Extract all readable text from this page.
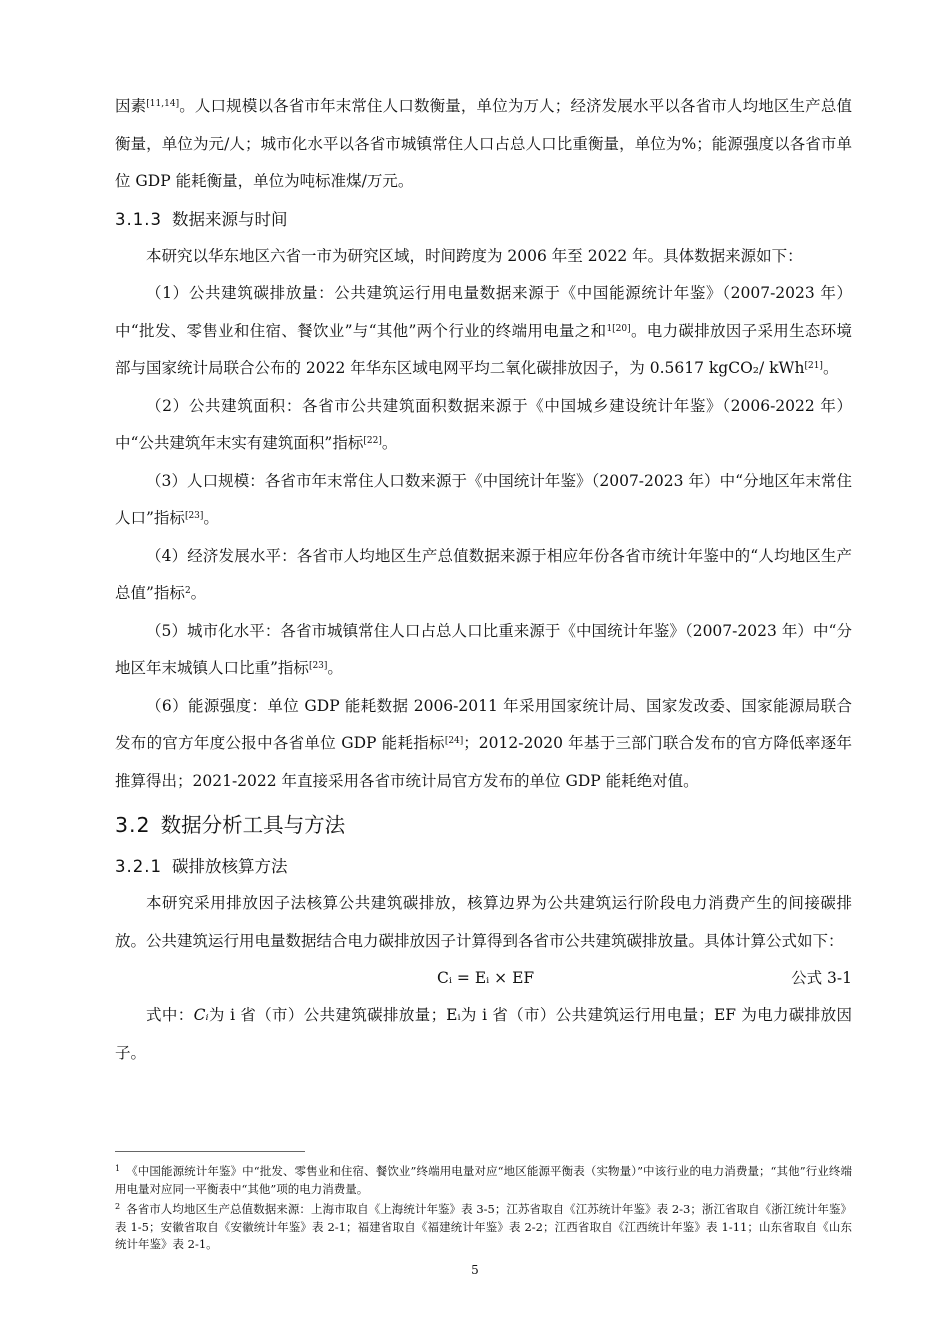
因素[11,14]。人口规模以各省市年末常住人口数衡量，单位为万人；经济发展水平以各省市人均地区生产总值衡量，单位为元/人；城市化水平以各省市城镇常住人口占总人口比重衡量，单位为%；能源强度以各省市单位 GDP 能耗衡量，单位为吨标准煤/万元。

3.1.3 数据来源与时间

本研究以华东地区六省一市为研究区域，时间跨度为 2006 年至 2022 年。具体数据来源如下：

（1）公共建筑碳排放量：公共建筑运行用电量数据来源于《中国能源统计年鉴》（2007-2023 年）中“批发、零售业和住宿、餐饮业”与“其他”两个行业的终端用电量之和$^{1[20]}$。电力碳排放因子采用生态环境部与国家统计局联合公布的 2022 年华东区域电网平均二氧化碳排放因子，为 0.5617 kgCO₂/ kWh[21]。

（2）公共建筑面积：各省市公共建筑面积数据来源于《中国城乡建设统计年鉴》（2006-2022 年）中“公共建筑年末实有建筑面积”指标[22]。

（3）人口规模：各省市年末常住人口数来源于《中国统计年鉴》（2007-2023 年）中“分地区年末常住人口”指标[23]。

（4）经济发展水平：各省市人均地区生产总值数据来源于相应年份各省市统计年鉴中的“人均地区生产总值”指标$^2$。

（5）城市化水平：各省市城镇常住人口占总人口比重来源于《中国统计年鉴》（2007-2023 年）中“分地区年末城镇人口比重”指标[23]。

（6）能源强度：单位 GDP 能耗数据 2006-2011 年采用国家统计局、国家发改委、国家能源局联合发布的官方年度公报中各省单位 GDP 能耗指标[24]；2012-2020 年基于三部门联合发布的官方降低率逐年推算得出；2021-2022 年直接采用各省市统计局官方发布的单位 GDP 能耗绝对值。

3.2 数据分析工具与方法
3.2.1 碳排放核算方法

本研究采用排放因子法核算公共建筑碳排放，核算边界为公共建筑运行阶段电力消费产生的间接碳排放。公共建筑运行用电量数据结合电力碳排放因子计算得到各省市公共建筑碳排放量。具体计算公式如下：

Cᵢ = Eᵢ × EF	公式 3-1

式中：Cᵢ为 i 省（市）公共建筑碳排放量；Eᵢ为 i 省（市）公共建筑运行用电量；EF 为电力碳排放因子。

$^1$ 《中国能源统计年鉴》中“批发、零售业和住宿、餐饮业”终端用电量对应“地区能源平衡表（实物量）”中该行业的电力消费量；“其他”行业终端用电量对应同一平衡表中“其他”项的电力消费量。

$^2$ 各省市人均地区生产总值数据来源：上海市取自《上海统计年鉴》表 3-5；江苏省取自《江苏统计年鉴》表 2-3；浙江省取自《浙江统计年鉴》表 1-5；安徽省取自《安徽统计年鉴》表 2-1；福建省取自《福建统计年鉴》表 2-2；江西省取自《江西统计年鉴》表 1-11；山东省取自《山东统计年鉴》表 2-1。

5
